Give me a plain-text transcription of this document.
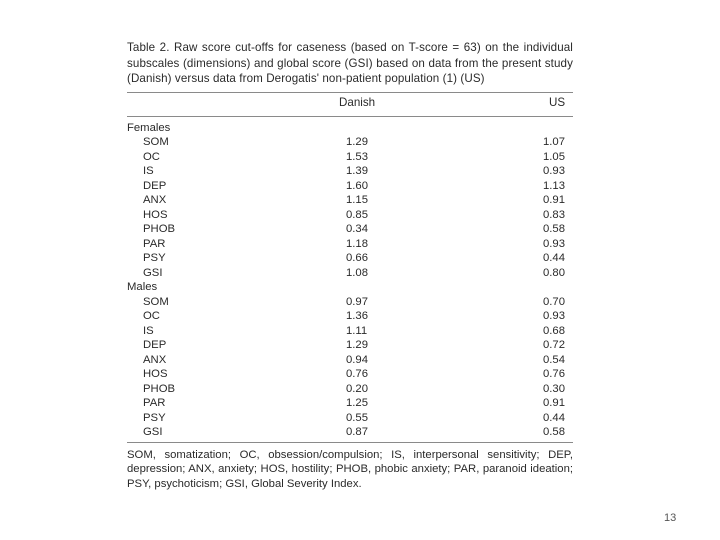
Table 2. Raw score cut-offs for caseness (based on T-score = 63) on the individual subscales (dimensions) and global score (GSI) based on data from the present study (Danish) versus data from Derogatis' non-patient population (1) (US)

Danish	US
Females
SOM	1.29	1.07
OC	1.53	1.05
IS	1.39	0.93
DEP	1.60	1.13
ANX	1.15	0.91
HOS	0.85	0.83
PHOB	0.34	0.58
PAR	1.18	0.93
PSY	0.66	0.44
GSI	1.08	0.80
Males
SOM	0.97	0.70
OC	1.36	0.93
IS	1.11	0.68
DEP	1.29	0.72
ANX	0.94	0.54
HOS	0.76	0.76
PHOB	0.20	0.30
PAR	1.25	0.91
PSY	0.55	0.44
GSI	0.87	0.58

SOM, somatization; OC, obsession/compulsion; IS, interpersonal sensitivity; DEP, depression; ANX, anxiety; HOS, hostility; PHOB, phobic anxiety; PAR, paranoid ideation; PSY, psychoticism; GSI, Global Severity Index.

13
